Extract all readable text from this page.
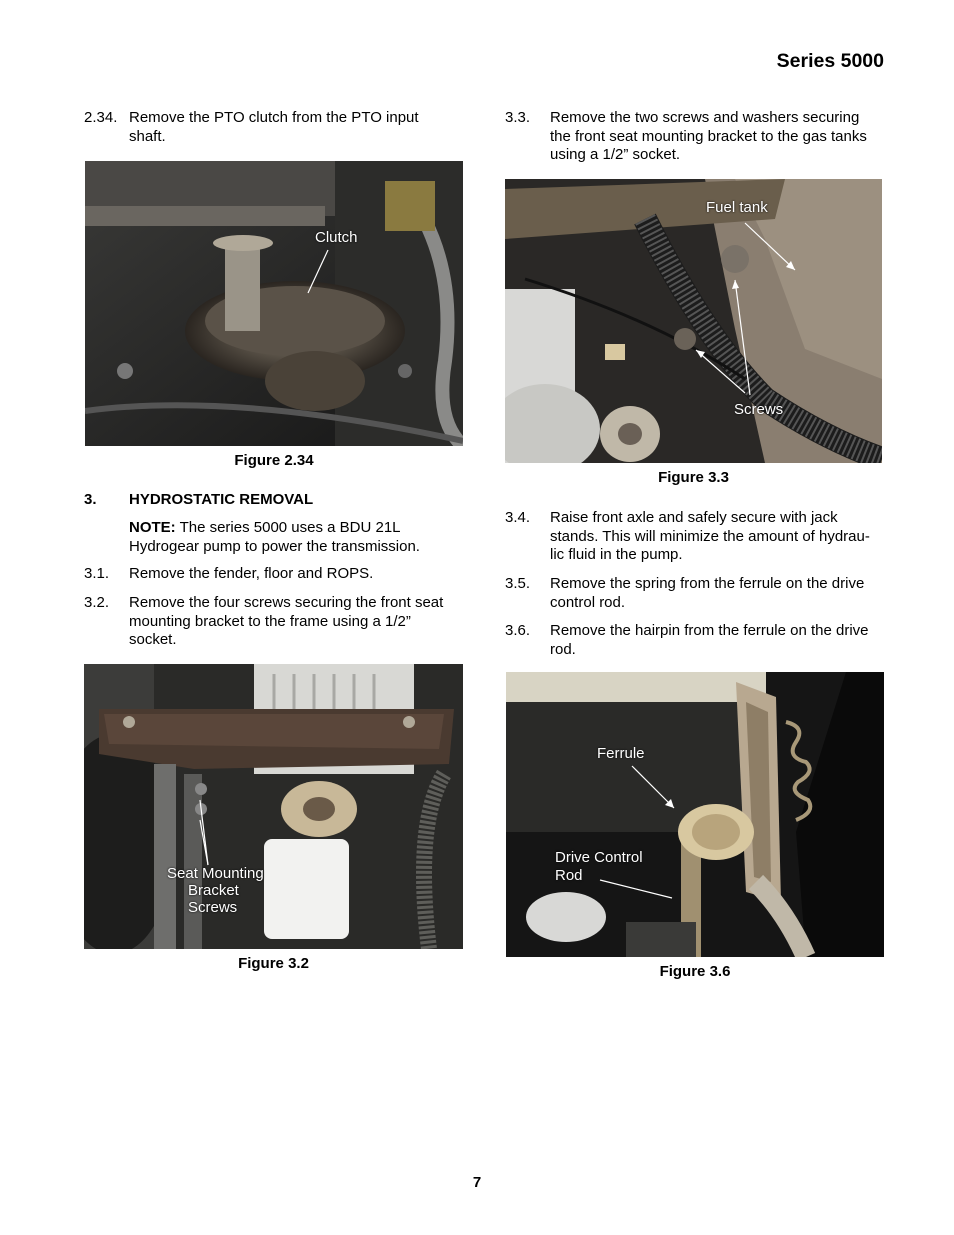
Series 5000
2.34. Remove the PTO clutch from the PTO input
shaft.
Clutch
Figure 2.34
3. HYDROSTATIC REMOVAL
NOTE: The series 5000 uses a BDU 21L
Hydrogear pump to power the transmission.
3.1. Remove the fender, floor and ROPS.
3.2. Remove the four screws securing the front seat
mounting bracket to the frame using a 1/2”
socket.
Seat Mounting
Bracket
Screws
Figure 3.2
3.3. Remove the two screws and washers securing
the front seat mounting bracket to the gas tanks
using a 1/2” socket.
Fuel tank
Screws
Figure 3.3
3.4. Raise front axle and safely secure with jack
stands. This will minimize the amount of hydrau-
lic fluid in the pump.
3.5. Remove the spring from the ferrule on the drive
control rod.
3.6. Remove the hairpin from the ferrule on the drive
rod.
Ferrule
Drive Control
Rod
Figure 3.6
7
